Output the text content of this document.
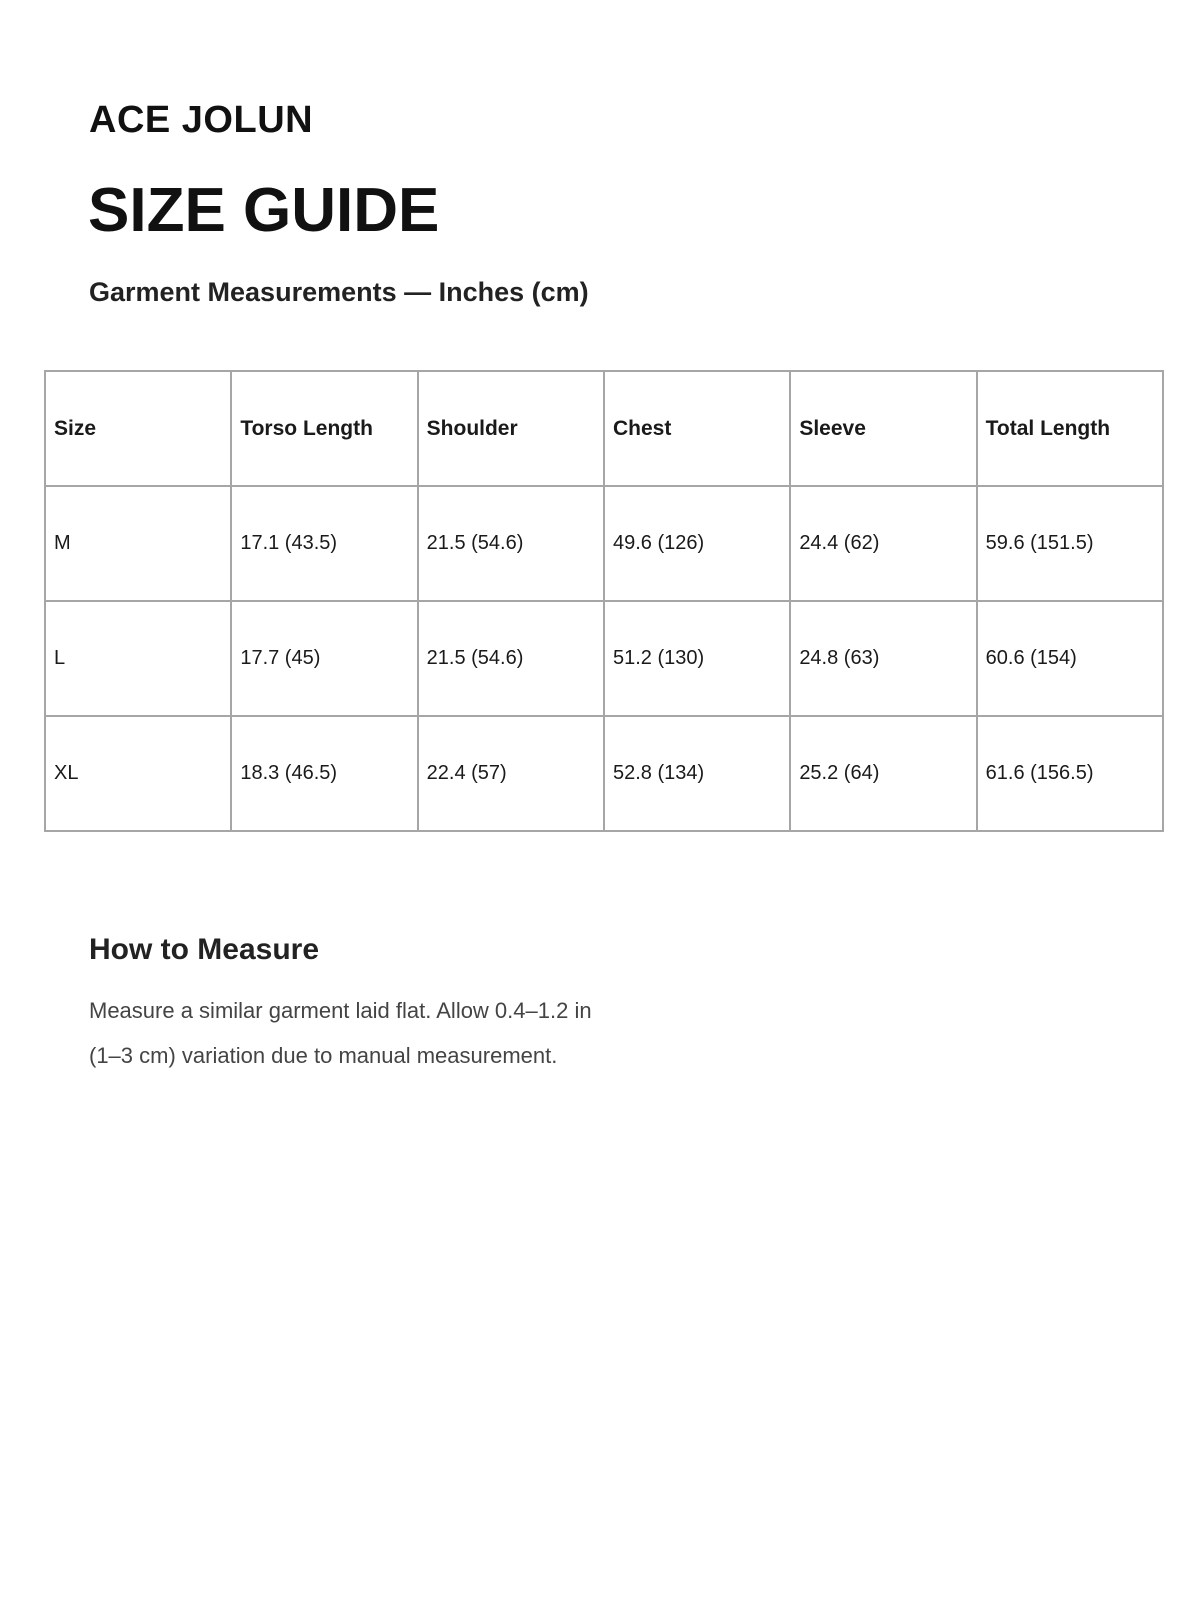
ACE JOLUN
SIZE GUIDE
Garment Measurements — Inches (cm)
Size	Torso Length	Shoulder	Chest	Sleeve	Total Length
M	17.1 (43.5)	21.5 (54.6)	49.6 (126)	24.4 (62)	59.6 (151.5)
L	17.7 (45)	21.5 (54.6)	51.2 (130)	24.8 (63)	60.6 (154)
XL	18.3 (46.5)	22.4 (57)	52.8 (134)	25.2 (64)	61.6 (156.5)
How to Measure

Measure a similar garment laid flat. Allow 0.4–1.2 in
(1–3 cm) variation due to manual measurement.
